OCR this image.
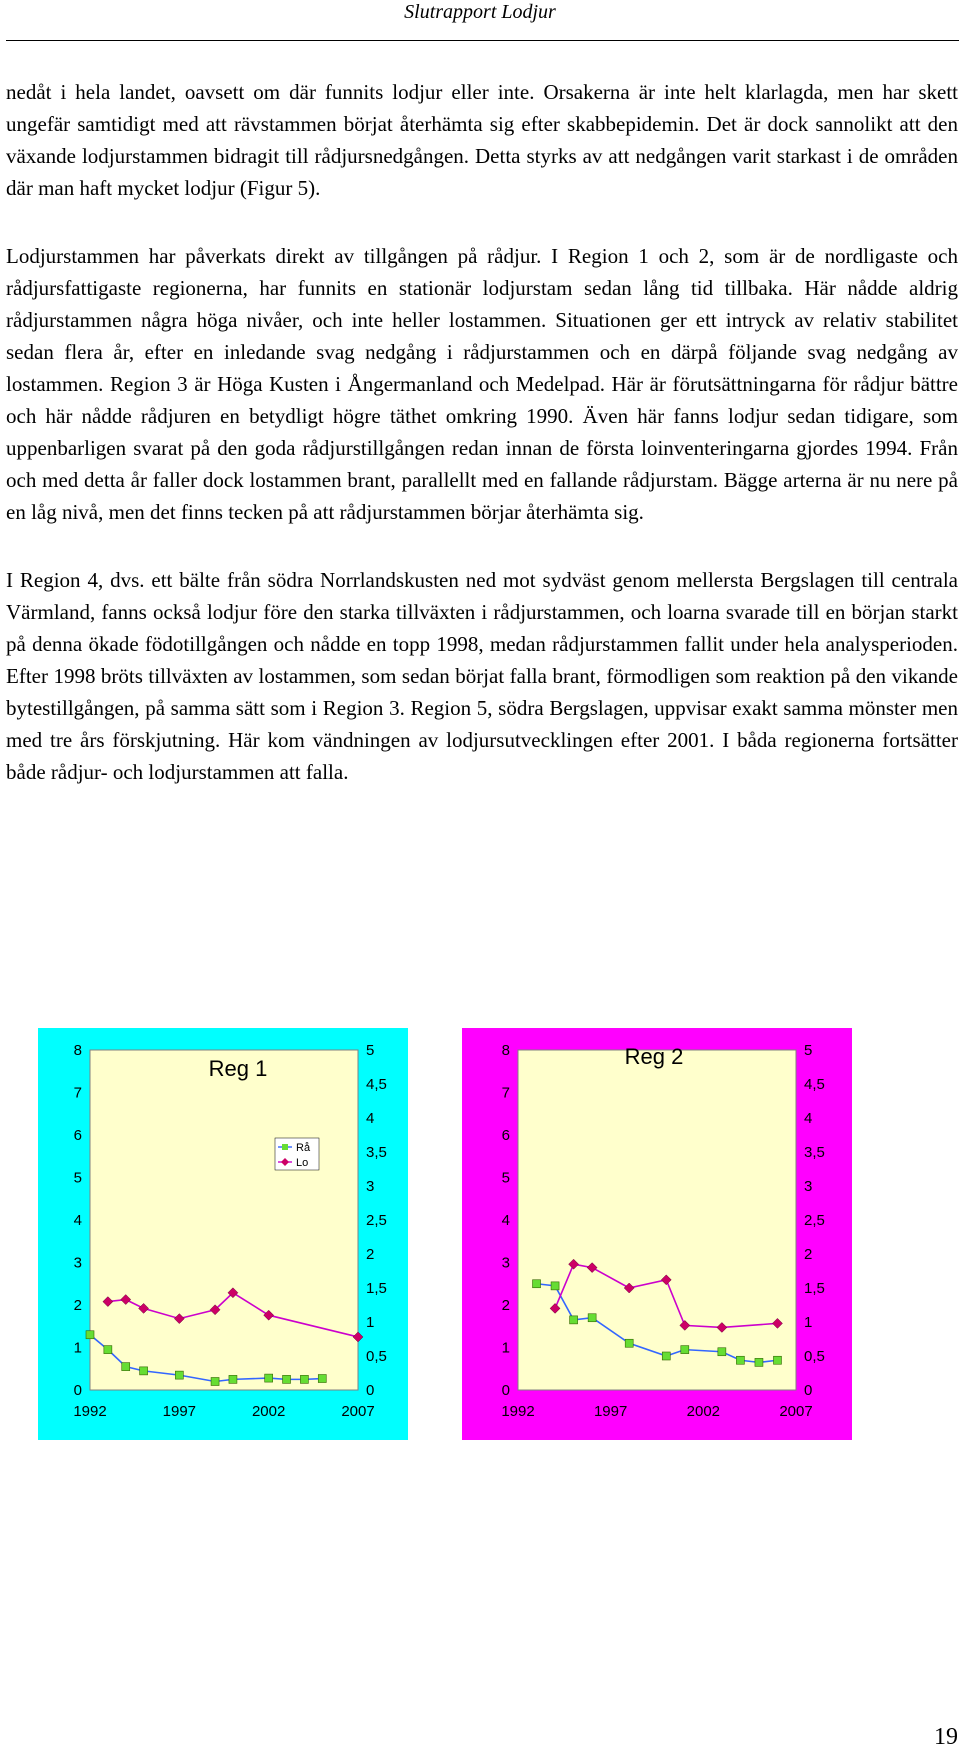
Slutrapport Lodjur

nedåt i hela landet, oavsett om där funnits lodjur eller inte. Orsakerna är inte helt klarlagda, men har skett ungefär samtidigt med att rävstammen börjat återhämta sig efter skabbepidemin. Det är dock sannolikt att den växande lodjurstammen bidragit till rådjursnedgången. Detta styrks av att nedgången varit starkast i de områden där man haft mycket lodjur (Figur 5).

Lodjurstammen har påverkats direkt av tillgången på rådjur. I Region 1 och 2, som är de nordligaste och rådjursfattigaste regionerna, har funnits en stationär lodjurstam sedan lång tid tillbaka. Här nådde aldrig rådjurstammen några höga nivåer, och inte heller lostammen. Situationen ger ett intryck av relativ stabilitet sedan flera år, efter en inledande svag nedgång i rådjurstammen och en därpå följande svag nedgång av lostammen. Region 3 är Höga Kusten i Ångermanland och Medelpad. Här är förutsättningarna för rådjur bättre och här nådde rådjuren en betydligt högre täthet omkring 1990. Även här fanns lodjur sedan tidigare, som uppenbarligen svarat på den goda rådjurstillgången redan innan de första loinventeringarna gjordes 1994. Från och med detta år faller dock lostammen brant, parallellt med en fallande rådjurstam. Bägge arterna är nu nere på en låg nivå, men det finns tecken på att rådjurstammen börjar återhämta sig.

I Region 4, dvs. ett bälte från södra Norrlandskusten ned mot sydväst genom mellersta Bergslagen till centrala Värmland, fanns också lodjur före den starka tillväxten i rådjurstammen, och loarna svarade till en början starkt på denna ökade födotillgången och nådde en topp 1998, medan rådjurstammen fallit under hela analysperioden. Efter 1998 bröts tillväxten av lostammen, som sedan börjat falla brant, förmodligen som reaktion på den vikande bytestillgången, på samma sätt som i Region 3. Region 5, södra Bergslagen, uppvisar exakt samma mönster men med tre års förskjutning. Här kom vändningen av lodjursutvecklingen efter 2001. I båda regionerna fortsätter både rådjur- och lodjurstammen att falla.

0
1
2
3
4
5
6
7
8
0
0,5
1
1,5
2
2,5
3
3,5
4
4,5
5
1992	1997	2002	2007
Reg 1
Rå
Lo
0
1
2
3
4
5
6
7
8
0
0,5
1
1,5
2
2,5
3
3,5
4
4,5
5
1992	1997	2002	2007
Reg 2
19
